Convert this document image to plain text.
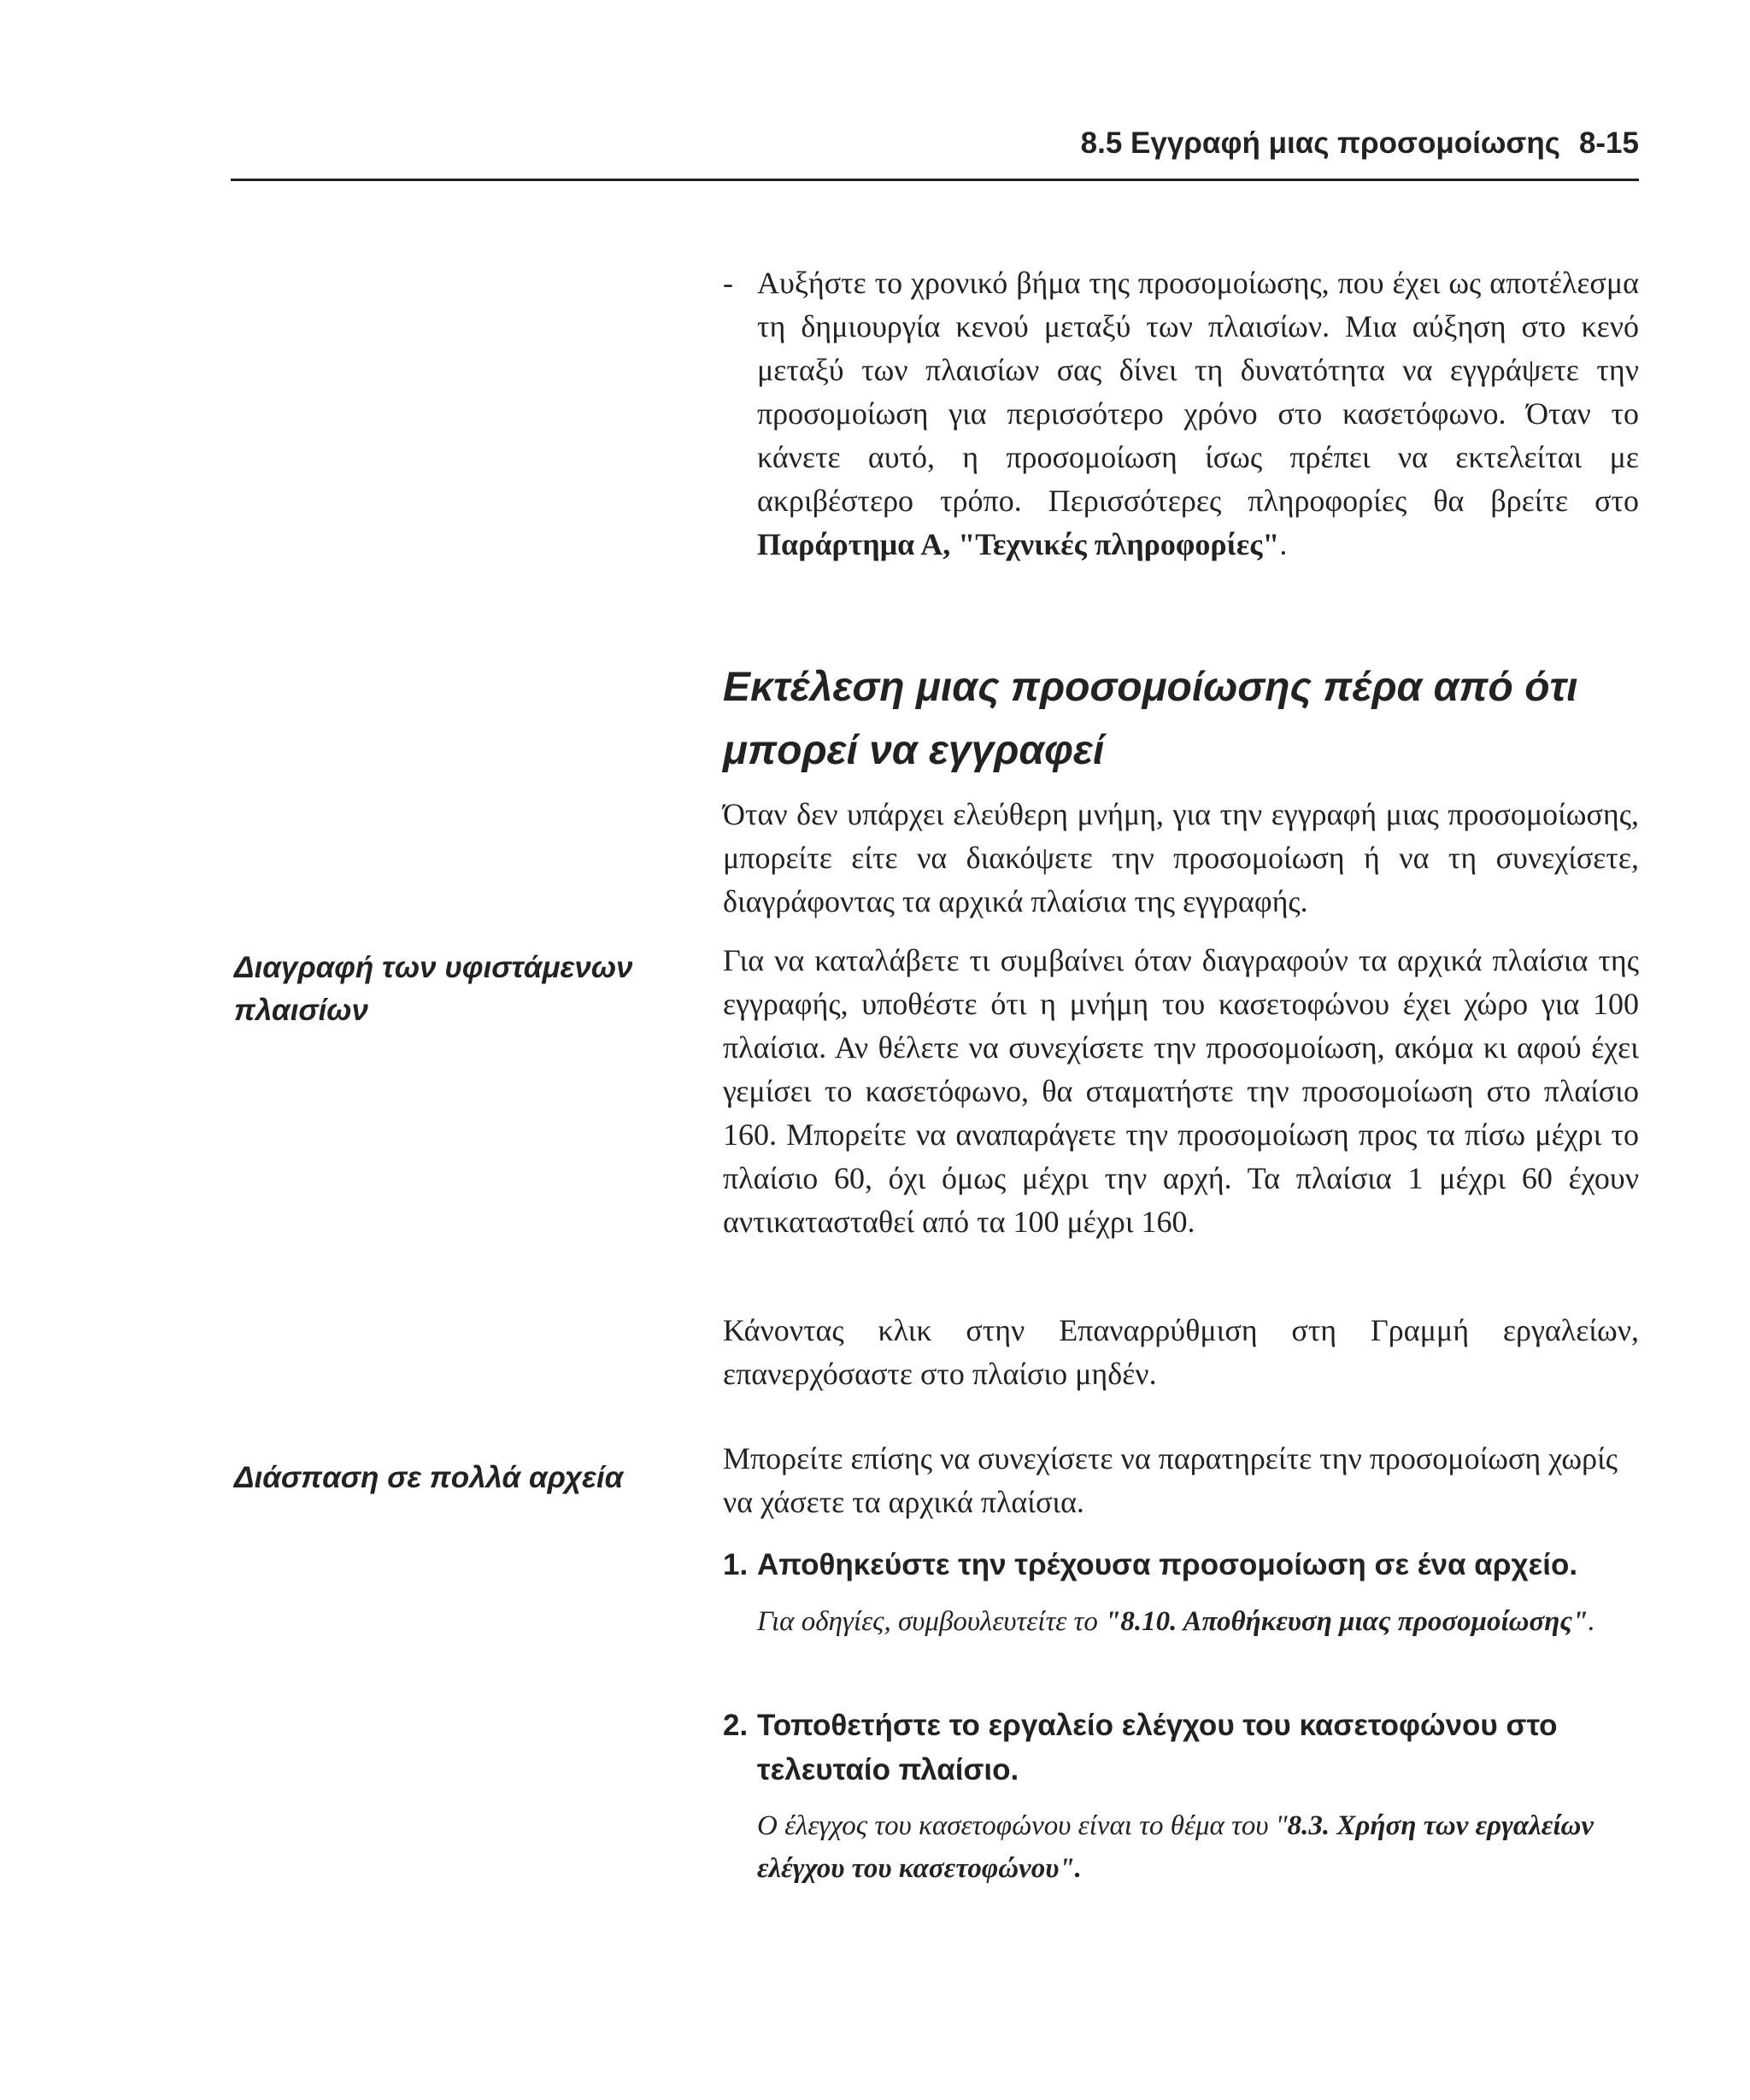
8.5 Εγγραφή μιας προσομοίωσης 8-15
- Αυξήστε το χρονικό βήμα της προσομοίωσης, που έχει ως αποτέλεσμα τη δημιουργία κενού μεταξύ των πλαισίων. Μια αύξηση στο κενό μεταξύ των πλαισίων σας δίνει τη δυνατότητα να εγγράψετε την προσομοίωση για περισσότερο χρόνο στο κασετόφωνο. Όταν το κάνετε αυτό, η προσομοίωση ίσως πρέπει να εκτελείται με ακριβέστερο τρόπο. Περισσότερες πληροφορίες θα βρείτε στο Παράρτημα Α, "Τεχνικές πληροφορίες".
Εκτέλεση μιας προσομοίωσης πέρα από ότι μπορεί να εγγραφεί
Όταν δεν υπάρχει ελεύθερη μνήμη, για την εγγραφή μιας προσομοίωσης, μπορείτε είτε να διακόψετε την προσομοίωση ή να τη συνεχίσετε, διαγράφοντας τα αρχικά πλαίσια της εγγραφής.
Διαγραφή των υφιστάμενων πλαισίων
Για να καταλάβετε τι συμβαίνει όταν διαγραφούν τα αρχικά πλαίσια της εγγραφής, υποθέστε ότι η μνήμη του κασετοφώνου έχει χώρο για 100 πλαίσια. Αν θέλετε να συνεχίσετε την προσομοίωση, ακόμα κι αφού έχει γεμίσει το κασετόφωνο, θα σταματήστε την προσομοίωση στο πλαίσιο 160. Μπορείτε να αναπαράγετε την προσομοίωση προς τα πίσω μέχρι το πλαίσιο 60, όχι όμως μέχρι την αρχή. Τα πλαίσια 1 μέχρι 60 έχουν αντικατασταθεί από τα 100 μέχρι 160.
Κάνοντας κλικ στην Επαναρρύθμιση στη Γραμμή εργαλείων, επανερχόσαστε στο πλαίσιο μηδέν.
Διάσπαση σε πολλά αρχεία
Μπορείτε επίσης να συνεχίσετε να παρατηρείτε την προσομοίωση χωρίς να χάσετε τα αρχικά πλαίσια.
1. Αποθηκεύστε την τρέχουσα προσομοίωση σε ένα αρχείο.
Για οδηγίες, συμβουλευτείτε το "8.10. Αποθήκευση μιας προσομοίωσης".
2. Τοποθετήστε το εργαλείο ελέγχου του κασετοφώνου στο τελευταίο πλαίσιο.
Ο έλεγχος του κασετοφώνου είναι το θέμα του "8.3. Χρήση των εργαλείων ελέγχου του κασετοφώνου".
